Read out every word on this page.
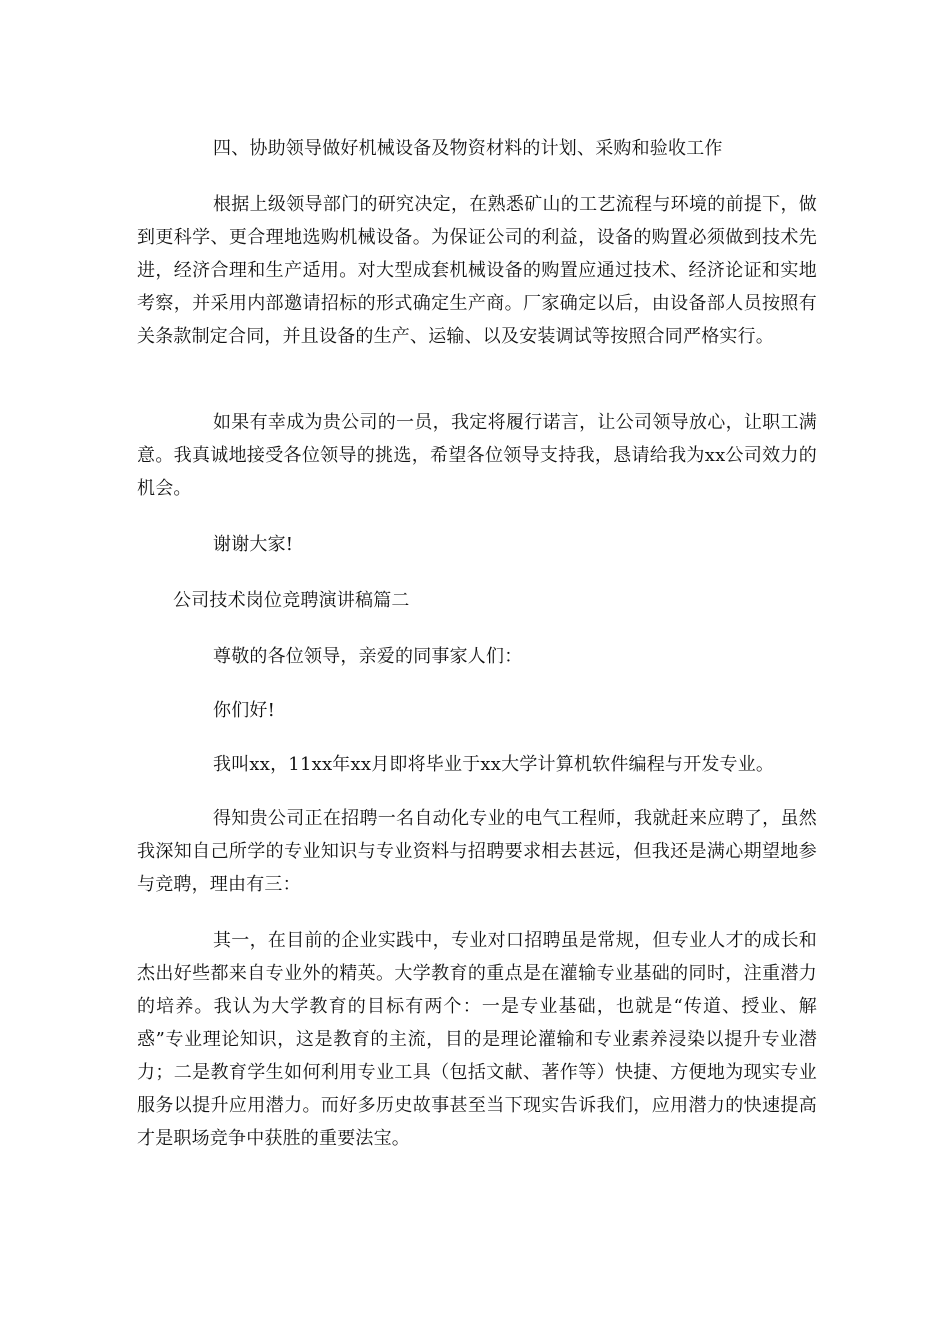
四、协助领导做好机械设备及物资材料的计划、采购和验收工作

根据上级领导部门的研究决定，在熟悉矿山的工艺流程与环境的前提下，做到更科学、更合理地选购机械设备。为保证公司的利益，设备的购置必须做到技术先进，经济合理和生产适用。对大型成套机械设备的购置应通过技术、经济论证和实地考察，并采用内部邀请招标的形式确定生产商。厂家确定以后，由设备部人员按照有关条款制定合同，并且设备的生产、运输、以及安装调试等按照合同严格实行。

如果有幸成为贵公司的一员，我定将履行诺言，让公司领导放心，让职工满意。我真诚地接受各位领导的挑选，希望各位领导支持我，恳请给我为xx公司效力的机会。

谢谢大家!

公司技术岗位竞聘演讲稿篇二

尊敬的各位领导，亲爱的同事家人们：

你们好!

我叫xx，11xx年xx月即将毕业于xx大学计算机软件编程与开发专业。

得知贵公司正在招聘一名自动化专业的电气工程师，我就赶来应聘了，虽然我深知自己所学的专业知识与专业资料与招聘要求相去甚远，但我还是满心期望地参与竞聘，理由有三：

其一，在目前的企业实践中，专业对口招聘虽是常规，但专业人才的成长和杰出好些都来自专业外的精英。大学教育的重点是在灌输专业基础的同时，注重潜力的培养。我认为大学教育的目标有两个：一是专业基础，也就是“传道、授业、解惑”专业理论知识，这是教育的主流，目的是理论灌输和专业素养浸染以提升专业潜力；二是教育学生如何利用专业工具（包括文献、著作等）快捷、方便地为现实专业服务以提升应用潜力。而好多历史故事甚至当下现实告诉我们，应用潜力的快速提高才是职场竞争中获胜的重要法宝。
